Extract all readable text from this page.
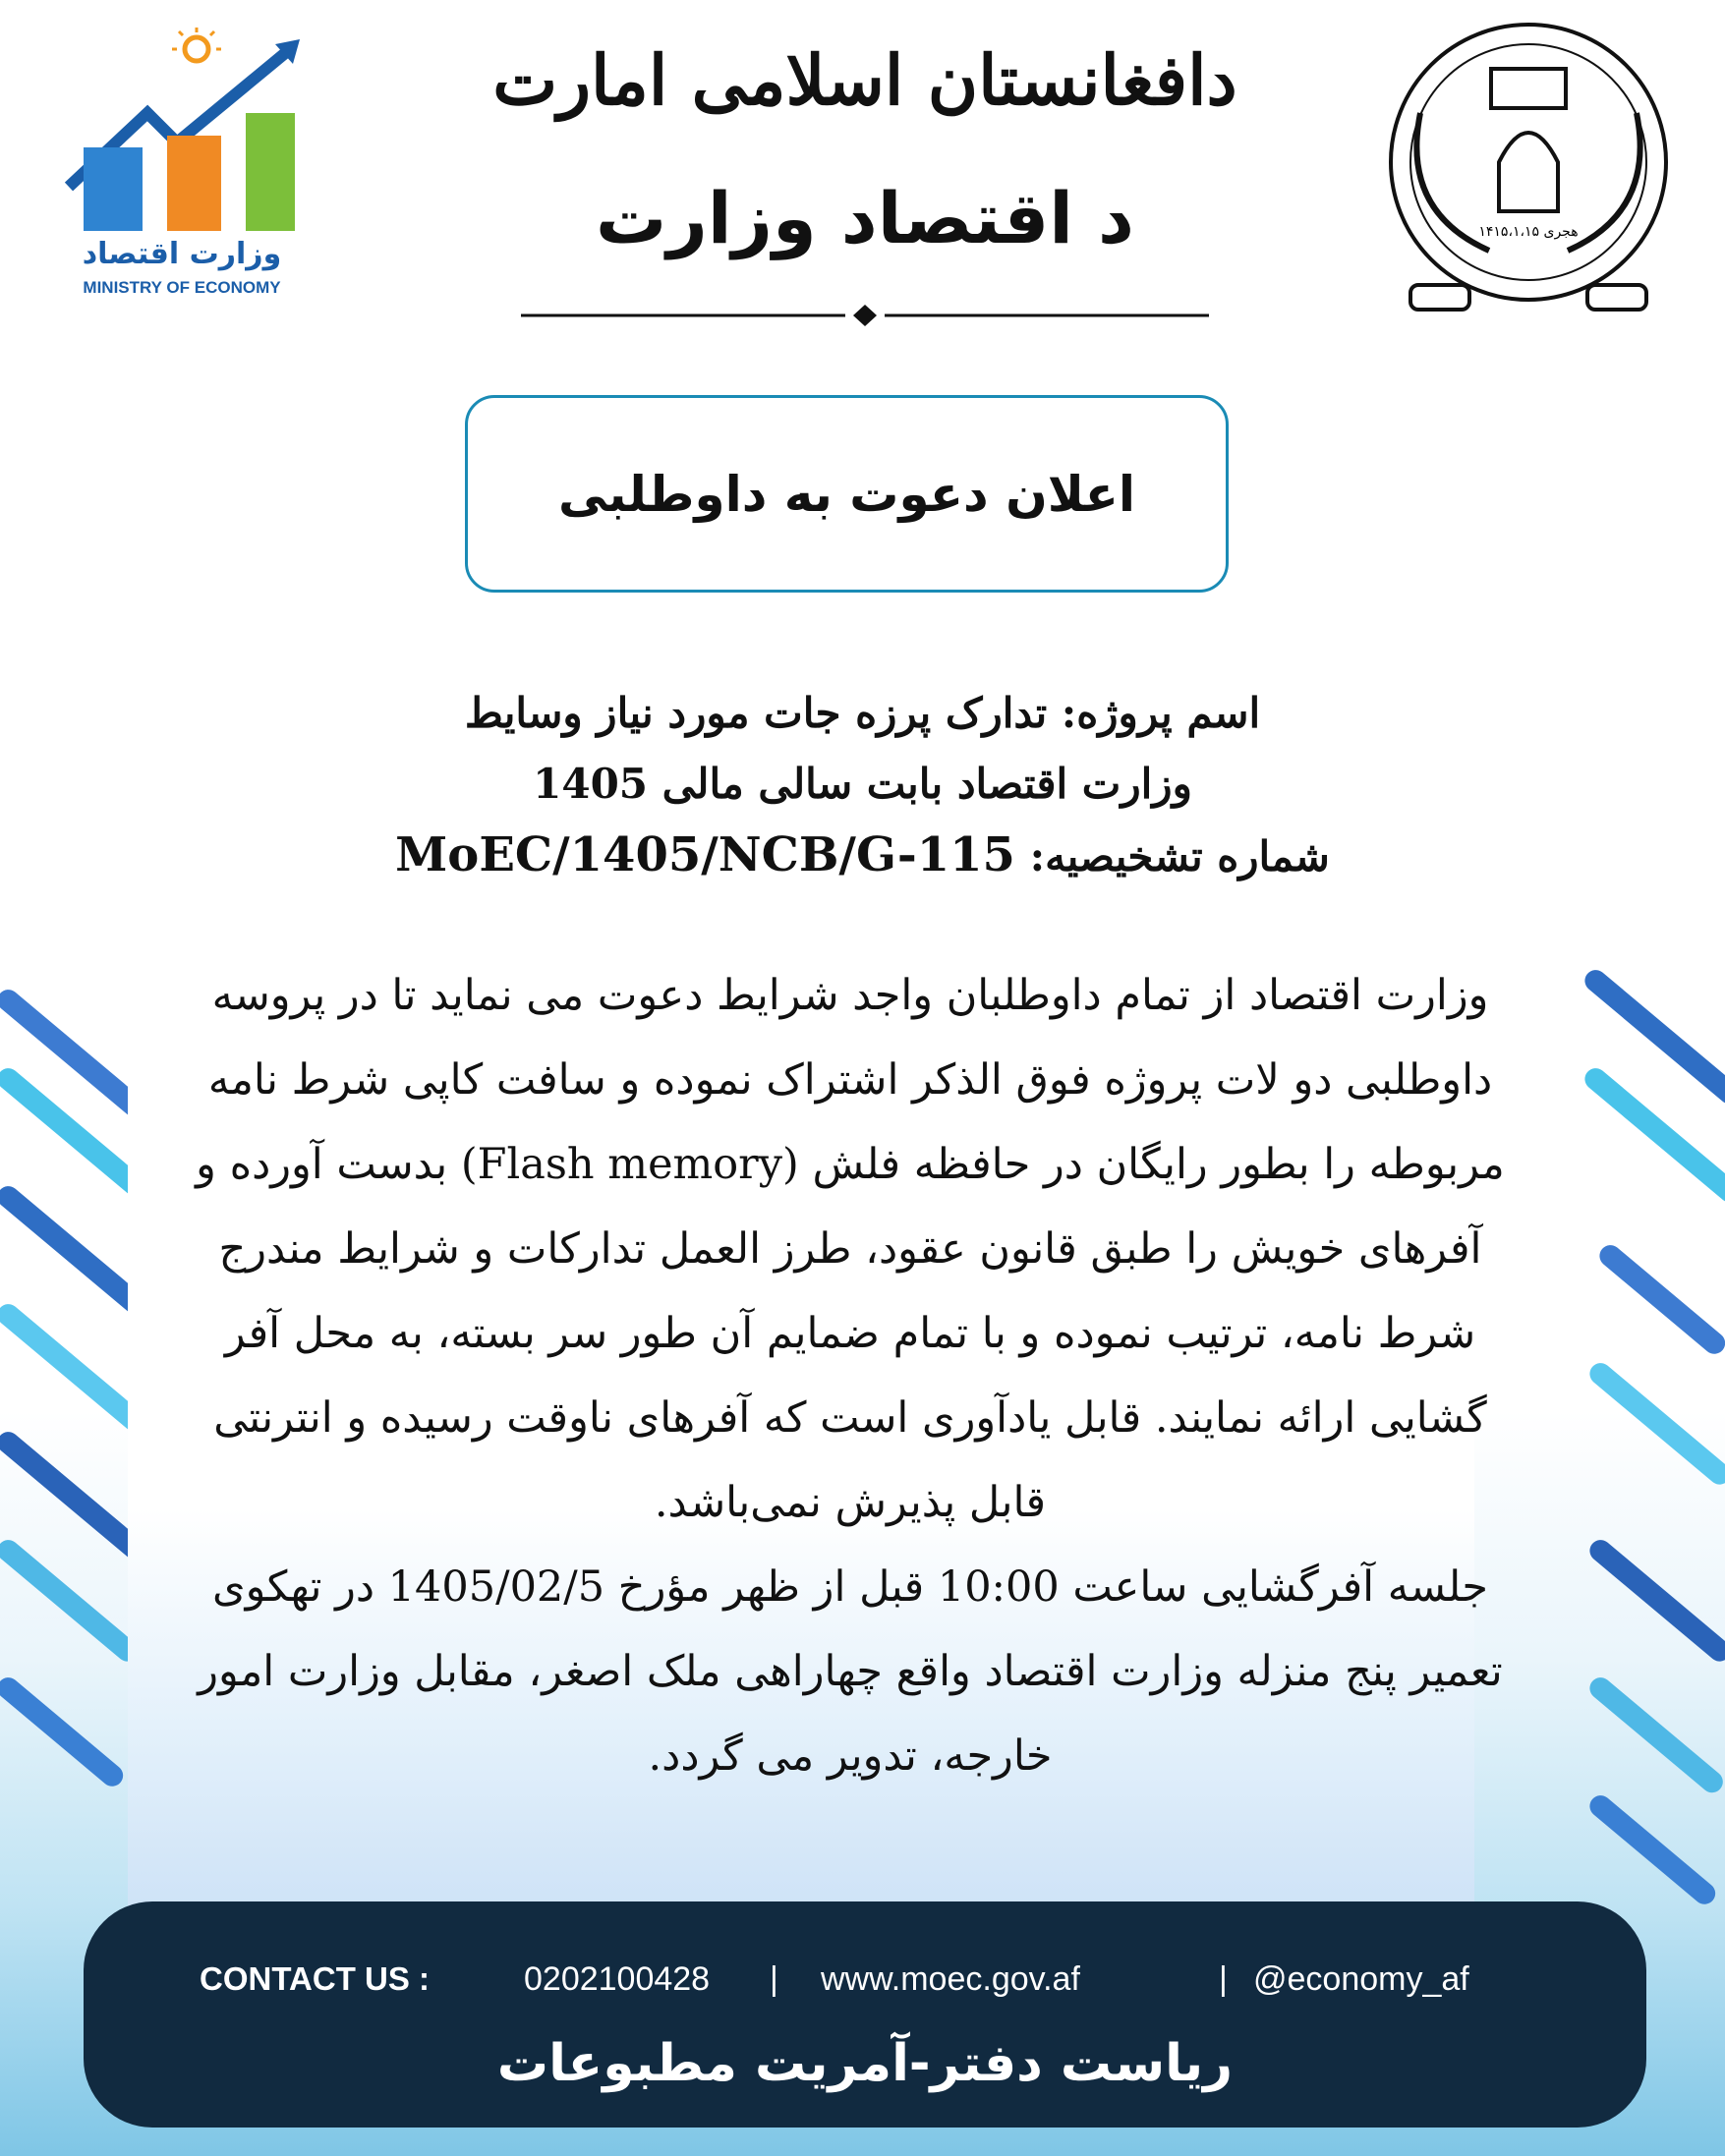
وزارت اقتصاد
MINISTRY OF ECONOMY
دافغانستان اسلامی امارت
د اقتصاد وزارت	۱۴۱۵،۱،۱۵ هجری
اعلان دعوت به داوطلبی
اسم پروژه: تدارک پرزه جات مورد نیاز وسایط
وزارت اقتصاد بابت سالی مالی 1405
شماره تشخیصیه: MoEC/1405/NCB/G-115
وزارت اقتصاد از تمام داوطلبان واجد شرایط دعوت می نماید تا در پروسه
داوطلبی دو لات پروژه فوق الذکر اشتراک نموده و سافت کاپی شرط نامه
مربوطه را بطور رایگان در حافظه فلش (Flash memory) بدست آورده و
آفرهای خویش را طبق قانون عقود، طرز العمل تدارکات و شرایط مندرج
شرط نامه، ترتیب نموده و با تمام ضمایم آن طور سر بسته، به محل آفر
گشایی ارائه نمایند. قابل یادآوری است که آفرهای ناوقت رسیده و انترنتی
قابل پذیرش نمی‌باشد.
جلسه آفرگشایی ساعت 10:00 قبل از ظهر مؤرخ 1405/02/5 در تهکوی
تعمیر پنج منزله وزارت اقتصاد واقع چهاراهی ملک اصغر، مقابل وزارت امور
خارجه، تدویر می گردد.
CONTACT US :	0202100428 | www.moec.gov.af	| @economy_af
ریاست دفتر-آمریت مطبوعات
